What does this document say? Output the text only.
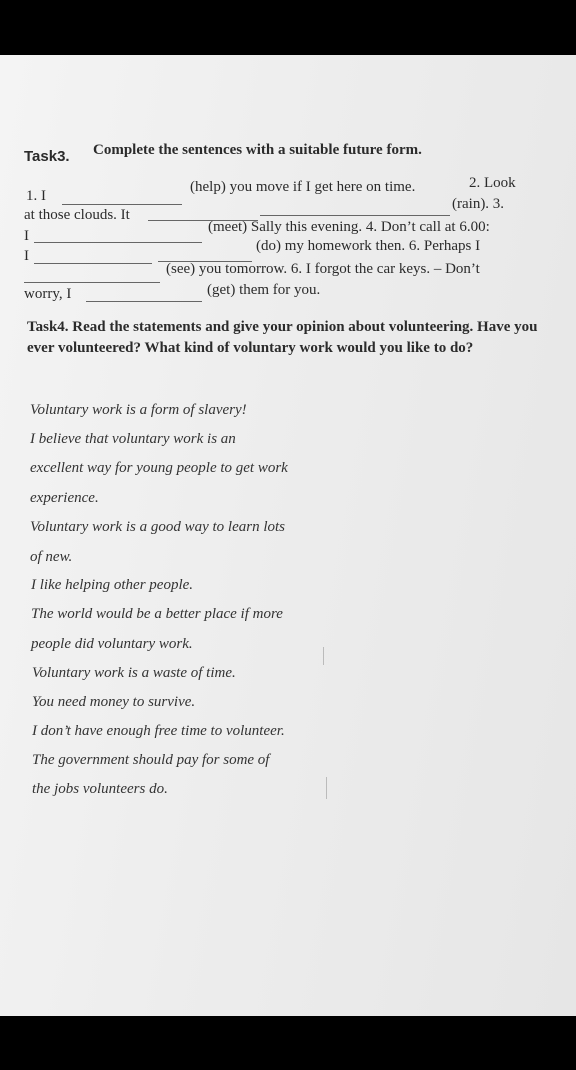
Task3. Complete the sentences with a suitable future form.
1. I
(help) you move if I get here on time.	2. Look
at those clouds. It
(rain). 3.
I
(meet) Sally this evening. 4. Don’t call at 6.00:
I
(do) my homework then. 6. Perhaps I
(see) you tomorrow. 6. I forgot the car keys. – Don’t
worry, I	(get) them for you.
Task4. Read the statements and give your opinion about volunteering. Have you ever volunteered? What kind of voluntary work would you like to do?
Voluntary work is a form of slavery!
I believe that voluntary work is an
excellent way for young people to get work
experience.
Voluntary work is a good way to learn lots
of new.
I like helping other people.
The world would be a better place if more
people did voluntary work.
Voluntary work is a waste of time.
You need money to survive.
I don’t have enough free time to volunteer.
The government should pay for some of
the jobs volunteers do.
